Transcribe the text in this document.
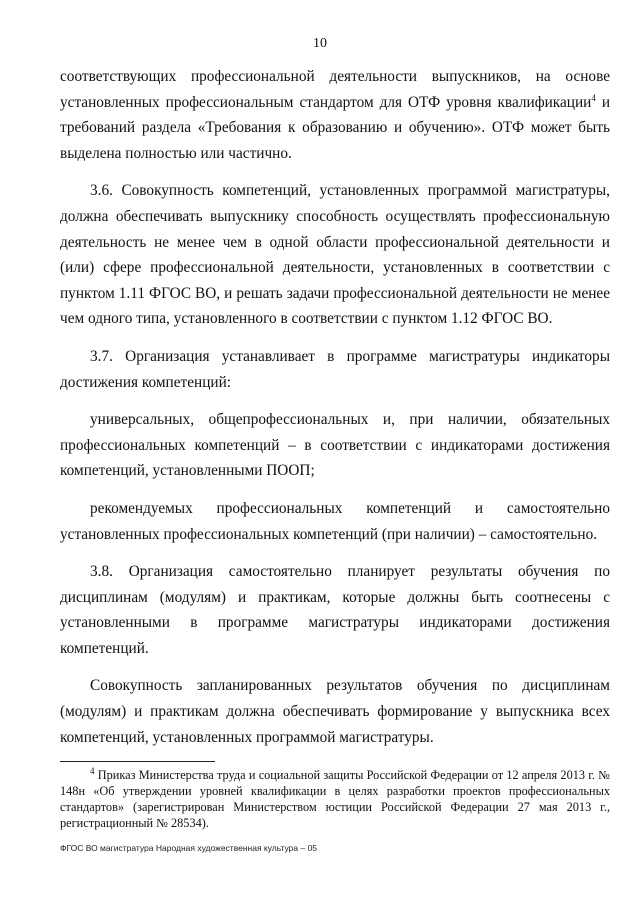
10

соответствующих профессиональной деятельности выпускников, на основе установленных профессиональным стандартом для ОТФ уровня квалификации$^4$ и требований раздела «Требования к образованию и обучению». ОТФ может быть выделена полностью или частично.

3.6. Совокупность компетенций, установленных программой магистратуры, должна обеспечивать выпускнику способность осуществлять профессиональную деятельность не менее чем в одной области профессиональной деятельности и (или) сфере профессиональной деятельности, установленных в соответствии с пунктом 1.11 ФГОС ВО, и решать задачи профессиональной деятельности не менее чем одного типа, установленного в соответствии с пунктом 1.12 ФГОС ВО.

3.7. Организация устанавливает в программе магистратуры индикаторы достижения компетенций:

универсальных, общепрофессиональных и, при наличии, обязательных профессиональных компетенций – в соответствии с индикаторами достижения компетенций, установленными ПООП;

рекомендуемых профессиональных компетенций и самостоятельно установленных профессиональных компетенций (при наличии) – самостоятельно.

3.8. Организация самостоятельно планирует результаты обучения по дисциплинам (модулям) и практикам, которые должны быть соотнесены с установленными в программе магистратуры индикаторами достижения компетенций.

Совокупность запланированных результатов обучения по дисциплинам (модулям) и практикам должна обеспечивать формирование у выпускника всех компетенций, установленных программой магистратуры.

$^4$ Приказ Министерства труда и социальной защиты Российской Федерации от 12 апреля 2013 г. № 148н «Об утверждении уровней квалификации в целях разработки проектов профессиональных стандартов» (зарегистрирован Министерством юстиции Российской Федерации 27 мая 2013 г., регистрационный № 28534).
ФГОС ВО магистратура Народная художественная культура – 05
